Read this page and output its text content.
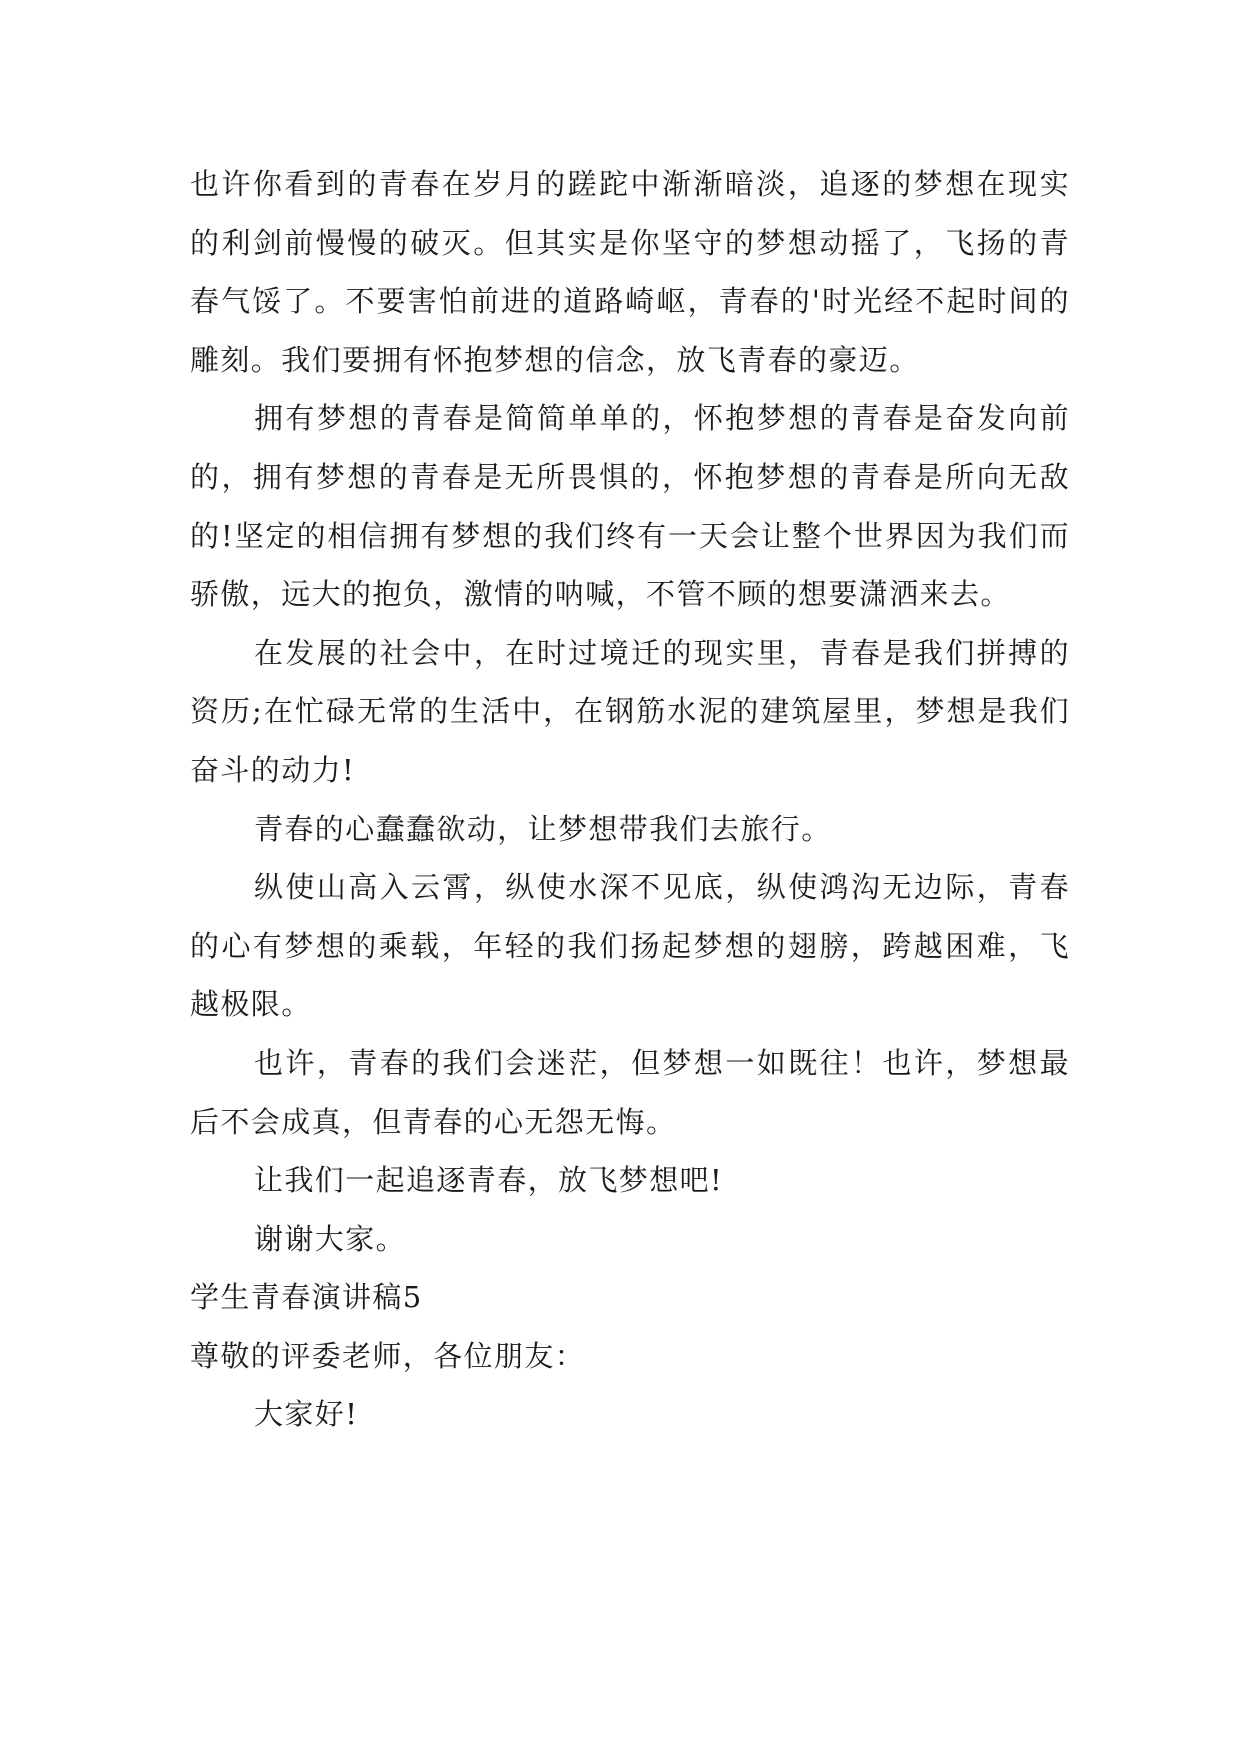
也许你看到的青春在岁月的蹉跎中渐渐暗淡，追逐的梦想在现实的利剑前慢慢的破灭。但其实是你坚守的梦想动摇了，飞扬的青春气馁了。不要害怕前进的道路崎岖，青春的'时光经不起时间的雕刻。我们要拥有怀抱梦想的信念，放飞青春的豪迈。

拥有梦想的青春是简简单单的，怀抱梦想的青春是奋发向前的，拥有梦想的青春是无所畏惧的，怀抱梦想的青春是所向无敌的!坚定的相信拥有梦想的我们终有一天会让整个世界因为我们而骄傲，远大的抱负，激情的呐喊，不管不顾的想要潇洒来去。

在发展的社会中，在时过境迁的现实里，青春是我们拼搏的资历;在忙碌无常的生活中，在钢筋水泥的建筑屋里，梦想是我们奋斗的动力!

青春的心蠢蠢欲动，让梦想带我们去旅行。

纵使山高入云霄，纵使水深不见底，纵使鸿沟无边际，青春的心有梦想的乘载，年轻的我们扬起梦想的翅膀，跨越困难，飞越极限。

也许，青春的我们会迷茫，但梦想一如既往！也许，梦想最后不会成真，但青春的心无怨无悔。

让我们一起追逐青春，放飞梦想吧!

谢谢大家。

学生青春演讲稿5

尊敬的评委老师，各位朋友：

大家好!
